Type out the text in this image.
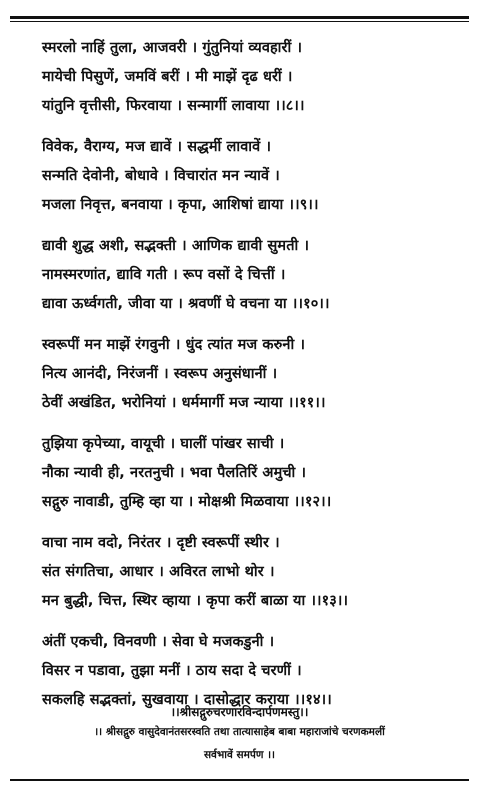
स्मरलो नाहिं तुला, आजवरी । गुंतुनियां व्यवहारीं ।
मायेची पिसुणें, जमविं बरीं । मी माझें दृढ धरीं ।
यांतुनि वृत्तीसी, फिरवाया । सन्मार्गी लावाया ।।८।।
विवेक, वैराग्य, मज द्यावें । सद्धर्मी लावावें ।
सन्मति देवोनी, बोधावे । विचारांत मन न्यावें ।
मजला निवृत्त, बनवाया । कृपा, आशिषां द्याया ।।९।।
द्यावी शुद्ध अशी, सद्भक्ती । आणिक द्यावी सुमती ।
नामस्मरणांत, द्यावि गती । रूप वसों दे चित्तीं ।
द्यावा ऊर्ध्वगती, जीवा या । श्रवणीं घे वचना या ।।१०।।
स्वरूपीं मन माझें रंगवुनी । धुंद त्यांत मज करुनी ।
नित्य आनंदी, निरंजनीं । स्वरूप अनुसंधानीं ।
ठेवीं अखंडित, भरोनियां । धर्ममार्गी मज न्याया ।।११।।
तुझिया कृपेच्या, वायूची । घालीं पांखर साची ।
नौका न्यावी ही, नरतनुची । भवा पैलतिरिं अमुची ।
सद्गुरु नावाडी, तुम्हि व्हा या । मोक्षश्री मिळवाया ।।१२।।
वाचा नाम वदो, निरंतर । दृष्टी स्वरूपीं स्थीर ।
संत संगतिचा, आधार । अविरत लाभो थोर ।
मन बुद्धी, चित्त, स्थिर व्हाया । कृपा करीं बाळा या ।।१३।।
अंतीं एकची, विनवणी । सेवा घे मजकडुनी ।
विसर न पडावा, तुझा मनीं । ठाय सदा दे चरणीं ।
सकलहि सद्भक्तां, सुखवाया । दासोद्धार कराया ।।१४।।
।।श्रीसद्गुरुचरणारविन्दार्पणमस्तु।।
।। श्रीसद्गुरु वासुदेवानंतसरस्वति तथा तात्यासाहेब बाबा महाराजांचे चरणकमलीं
सर्वभावें समर्पण ।।
